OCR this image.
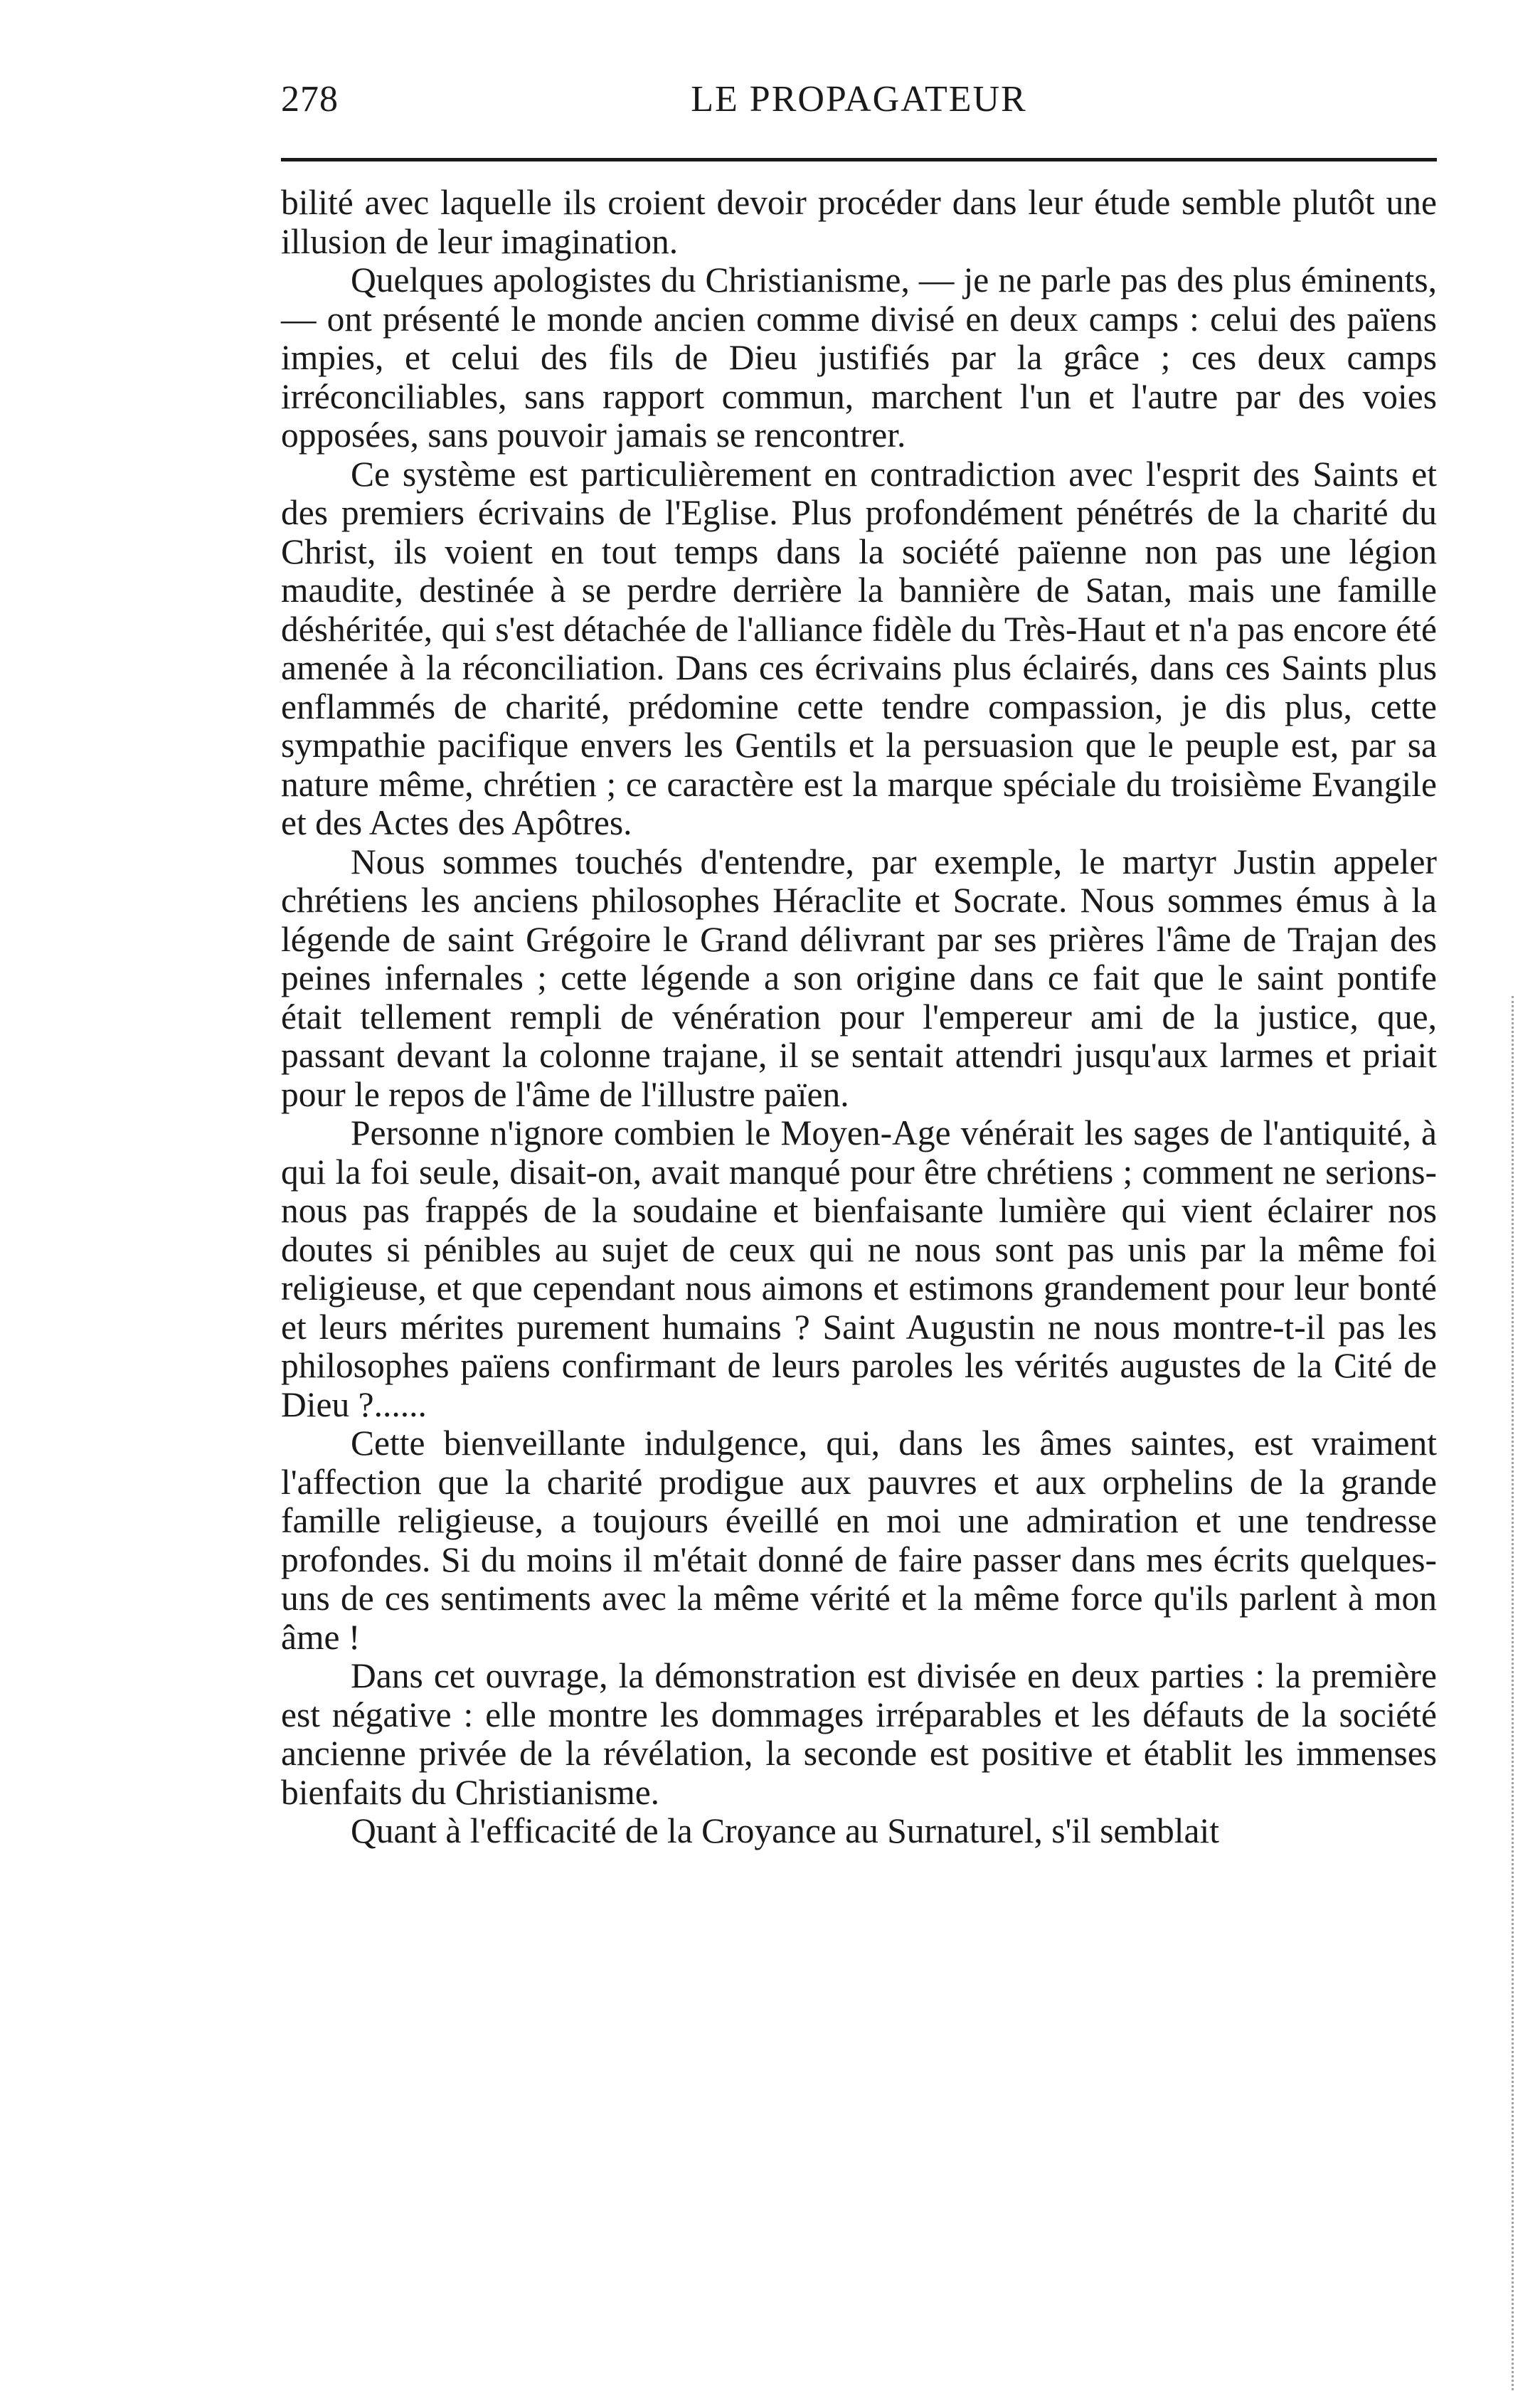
278	LE PROPAGATEUR

bilité avec laquelle ils croient devoir procéder dans leur étude semble plutôt une illusion de leur imagination.

Quelques apologistes du Christianisme, — je ne parle pas des plus éminents, — ont présenté le monde ancien comme divisé en deux camps : celui des païens impies, et celui des fils de Dieu justifiés par la grâce ; ces deux camps irréconciliables, sans rapport commun, marchent l'un et l'autre par des voies opposées, sans pouvoir jamais se rencontrer.

Ce système est particulièrement en contradiction avec l'esprit des Saints et des premiers écrivains de l'Eglise. Plus profondément pénétrés de la charité du Christ, ils voient en tout temps dans la société païenne non pas une légion maudite, destinée à se perdre derrière la bannière de Satan, mais une famille déshéritée, qui s'est détachée de l'alliance fidèle du Très-Haut et n'a pas encore été amenée à la réconciliation. Dans ces écrivains plus éclairés, dans ces Saints plus enflammés de charité, prédomine cette tendre compassion, je dis plus, cette sympathie pacifique envers les Gentils et la persuasion que le peuple est, par sa nature même, chrétien ; ce caractère est la marque spéciale du troisième Evangile et des Actes des Apôtres.

Nous sommes touchés d'entendre, par exemple, le martyr Justin appeler chrétiens les anciens philosophes Héraclite et Socrate. Nous sommes émus à la légende de saint Grégoire le Grand délivrant par ses prières l'âme de Trajan des peines infernales ; cette légende a son origine dans ce fait que le saint pontife était tellement rempli de vénération pour l'empereur ami de la justice, que, passant devant la colonne trajane, il se sentait attendri jusqu'aux larmes et priait pour le repos de l'âme de l'illustre païen.

Personne n'ignore combien le Moyen-Age vénérait les sages de l'antiquité, à qui la foi seule, disait-on, avait manqué pour être chrétiens ; comment ne serions-nous pas frappés de la soudaine et bienfaisante lumière qui vient éclairer nos doutes si pénibles au sujet de ceux qui ne nous sont pas unis par la même foi religieuse, et que cependant nous aimons et estimons grandement pour leur bonté et leurs mérites purement humains ? Saint Augustin ne nous montre-t-il pas les philosophes païens confirmant de leurs paroles les vérités augustes de la Cité de Dieu ?......

Cette bienveillante indulgence, qui, dans les âmes saintes, est vraiment l'affection que la charité prodigue aux pauvres et aux orphelins de la grande famille religieuse, a toujours éveillé en moi une admiration et une tendresse profondes. Si du moins il m'était donné de faire passer dans mes écrits quelques-uns de ces sentiments avec la même vérité et la même force qu'ils parlent à mon âme !

Dans cet ouvrage, la démonstration est divisée en deux parties : la première est négative : elle montre les dommages irréparables et les défauts de la société ancienne privée de la révélation, la seconde est positive et établit les immenses bienfaits du Christianisme.

Quant à l'efficacité de la Croyance au Surnaturel, s'il semblait
